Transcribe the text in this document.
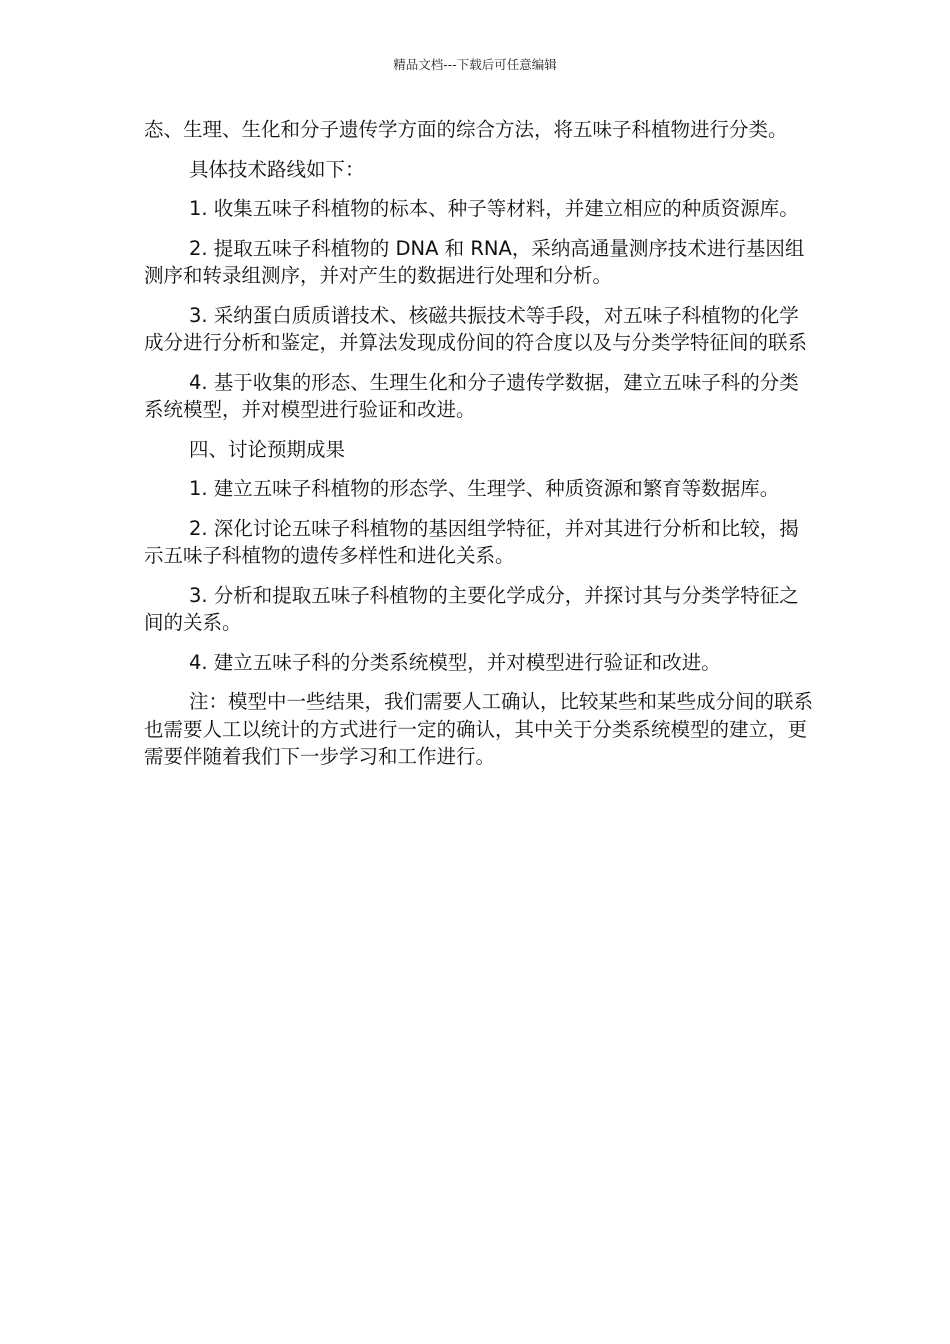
精品文档---下载后可任意编辑

态、生理、生化和分子遗传学方面的综合方法，将五味子科植物进行分类。

具体技术路线如下：

1. 收集五味子科植物的标本、种子等材料，并建立相应的种质资源库。

2. 提取五味子科植物的 DNA 和 RNA，采纳高通量测序技术进行基因组测序和转录组测序，并对产生的数据进行处理和分析。

3. 采纳蛋白质质谱技术、核磁共振技术等手段，对五味子科植物的化学成分进行分析和鉴定，并算法发现成份间的符合度以及与分类学特征间的联系

4. 基于收集的形态、生理生化和分子遗传学数据，建立五味子科的分类系统模型，并对模型进行验证和改进。

四、讨论预期成果

1. 建立五味子科植物的形态学、生理学、种质资源和繁育等数据库。

2. 深化讨论五味子科植物的基因组学特征，并对其进行分析和比较，揭示五味子科植物的遗传多样性和进化关系。

3. 分析和提取五味子科植物的主要化学成分，并探讨其与分类学特征之间的关系。

4. 建立五味子科的分类系统模型，并对模型进行验证和改进。

注：模型中一些结果，我们需要人工确认，比较某些和某些成分间的联系也需要人工以统计的方式进行一定的确认，其中关于分类系统模型的建立，更需要伴随着我们下一步学习和工作进行。
